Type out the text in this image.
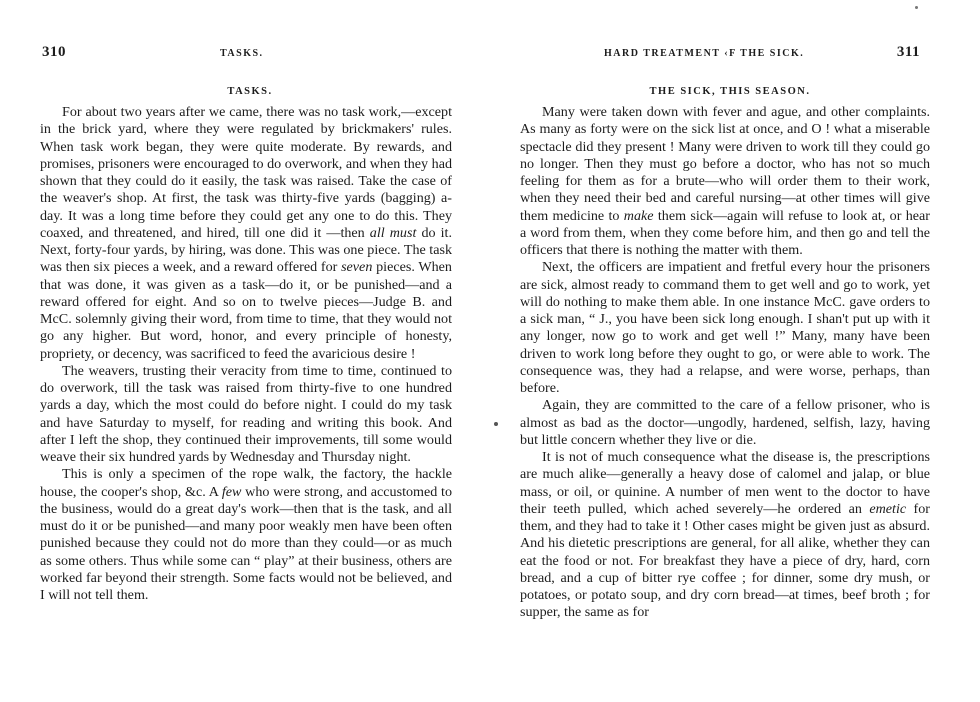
310	TASKS.
TASKS.

For about two years after we came, there was no task work,—except in the brick yard, where they were regulated by brickmakers' rules. When task work began, they were quite moderate. By rewards, and promises, prisoners were encouraged to do overwork, and when they had shown that they could do it easily, the task was raised. Take the case of the weaver's shop. At first, the task was thirty-five yards (bagging) a-day. It was a long time before they could get any one to do this. They coaxed, and threatened, and hired, till one did it —then all must do it. Next, forty-four yards, by hiring, was done. This was one piece. The task was then six pieces a week, and a reward offered for seven pieces. When that was done, it was given as a task—do it, or be punished—and a reward offered for eight. And so on to twelve pieces—Judge B. and McC. solemnly giving their word, from time to time, that they would not go any higher. But word, honor, and every principle of honesty, propriety, or decency, was sacrificed to feed the avaricious desire !

The weavers, trusting their veracity from time to time, continued to do overwork, till the task was raised from thirty-five to one hundred yards a day, which the most could do before night. I could do my task and have Saturday to myself, for reading and writing this book. And after I left the shop, they continued their improvements, till some would weave their six hundred yards by Wednesday and Thursday night.

This is only a specimen of the rope walk, the factory, the hackle house, the cooper's shop, &c. A few who were strong, and accustomed to the business, would do a great day's work—then that is the task, and all must do it or be punished—and many poor weakly men have been often punished because they could not do more than they could—or as much as some others. Thus while some can “ play” at their business, others are worked far beyond their strength. Some facts would not be believed, and I will not tell them.

HARD TREATMENT ‹F THE SICK.	311
THE SICK, THIS SEASON.

Many were taken down with fever and ague, and other complaints. As many as forty were on the sick list at once, and O ! what a miserable spectacle did they present ! Many were driven to work till they could go no longer. Then they must go before a doctor, who has not so much feeling for them as for a brute—who will order them to their work, when they need their bed and careful nursing—at other times will give them medicine to make them sick—again will refuse to look at, or hear a word from them, when they come before him, and then go and tell the officers that there is nothing the matter with them.

Next, the officers are impatient and fretful every hour the prisoners are sick, almost ready to command them to get well and go to work, yet will do nothing to make them able. In one instance McC. gave orders to a sick man, “ J., you have been sick long enough. I shan't put up with it any longer, now go to work and get well !” Many, many have been driven to work long before they ought to go, or were able to work. The consequence was, they had a relapse, and were worse, perhaps, than before.

Again, they are committed to the care of a fellow prisoner, who is almost as bad as the doctor—ungodly, hardened, selfish, lazy, having but little concern whether they live or die.

It is not of much consequence what the disease is, the prescriptions are much alike—generally a heavy dose of calomel and jalap, or blue mass, or oil, or quinine. A number of men went to the doctor to have their teeth pulled, which ached severely—he ordered an emetic for them, and they had to take it ! Other cases might be given just as absurd. And his dietetic prescriptions are general, for all alike, whether they can eat the food or not. For breakfast they have a piece of dry, hard, corn bread, and a cup of bitter rye coffee ; for dinner, some dry mush, or potatoes, or potato soup, and dry corn bread—at times, beef broth ; for supper, the same as for
